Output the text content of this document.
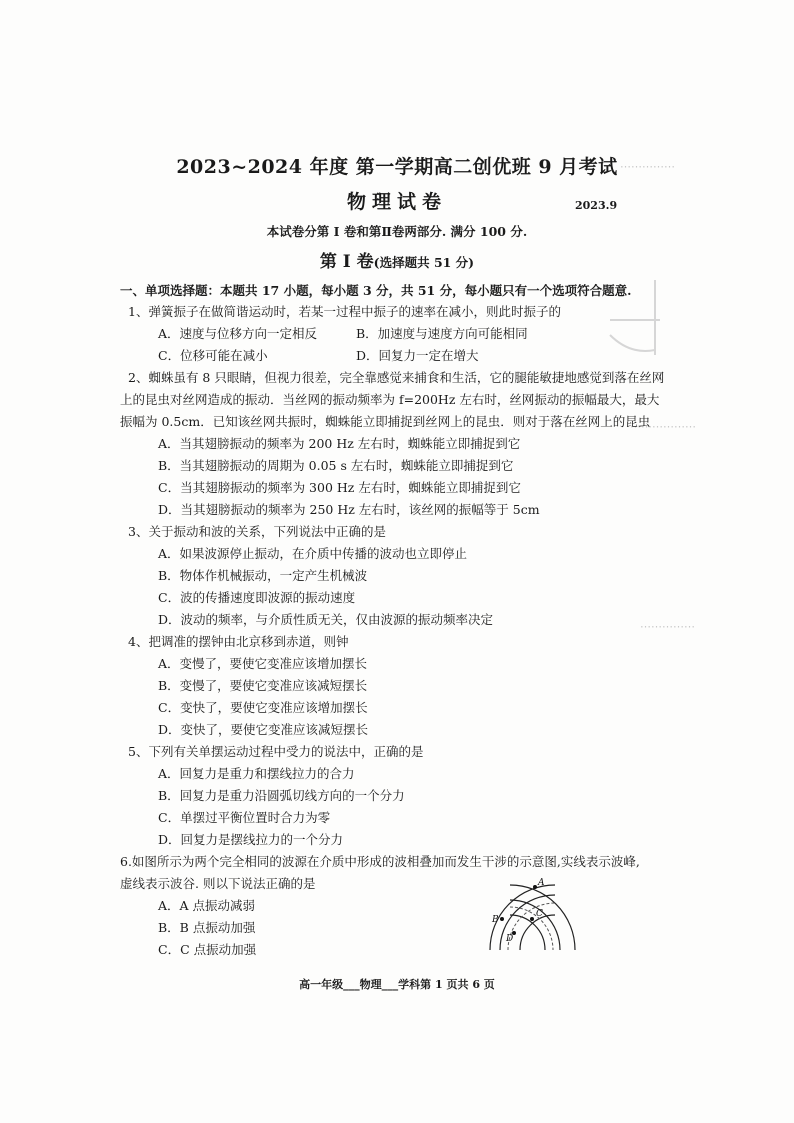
⋯⋯⋯⋯⋯
⋯⋯⋯⋯⋯⋯
⋯⋯⋯⋯⋯
2023~2024 年度 第一学期高二创优班 9 月考试
物理试卷	2023.9
本试卷分第 I 卷和第Ⅱ卷两部分. 满分 100 分.
第 I 卷(选择题共 51 分)
一、单项选择题：本题共 17 小题，每小题 3 分，共 51 分，每小题只有一个选项符合题意.
1、弹簧振子在做简谐运动时，若某一过程中振子的速率在减小，则此时振子的
A．速度与位移方向一定相反	B．加速度与速度方向可能相同
C．位移可能在减小	D．回复力一定在增大
2、蜘蛛虽有 8 只眼睛，但视力很差，完全靠感觉来捕食和生活，它的腿能敏捷地感觉到落在丝网
上的昆虫对丝网造成的振动．当丝网的振动频率为 f=200Hz 左右时，丝网振动的振幅最大，最大
振幅为 0.5cm．已知该丝网共振时，蜘蛛能立即捕捉到丝网上的昆虫．则对于落在丝网上的昆虫
A．当其翅膀振动的频率为 200 Hz 左右时，蜘蛛能立即捕捉到它
B．当其翅膀振动的周期为 0.05 s 左右时，蜘蛛能立即捕捉到它
C．当其翅膀振动的频率为 300 Hz 左右时，蜘蛛能立即捕捉到它
D．当其翅膀振动的频率为 250 Hz 左右时，该丝网的振幅等于 5cm
3、关于振动和波的关系，下列说法中正确的是
A．如果波源停止振动，在介质中传播的波动也立即停止
B．物体作机械振动，一定产生机械波
C．波的传播速度即波源的振动速度
D．波动的频率，与介质性质无关，仅由波源的振动频率决定
4、把调准的摆钟由北京移到赤道，则钟
A．变慢了，要使它变准应该增加摆长
B．变慢了，要使它变准应该减短摆长
C．变快了，要使它变准应该增加摆长
D．变快了，要使它变准应该减短摆长
5、下列有关单摆运动过程中受力的说法中，正确的是
A．回复力是重力和摆线拉力的合力
B．回复力是重力沿圆弧切线方向的一个分力
C．单摆过平衡位置时合力为零
D．回复力是摆线拉力的一个分力
6.如图所示为两个完全相同的波源在介质中形成的波相叠加而发生干涉的示意图,实线表示波峰,
虚线表示波谷. 则以下说法正确的是
A．A 点振动减弱
B．B 点振动加强
C．C 点振动加强
A
B
C
D
高一年级___物理___学科第 1 页共 6 页
